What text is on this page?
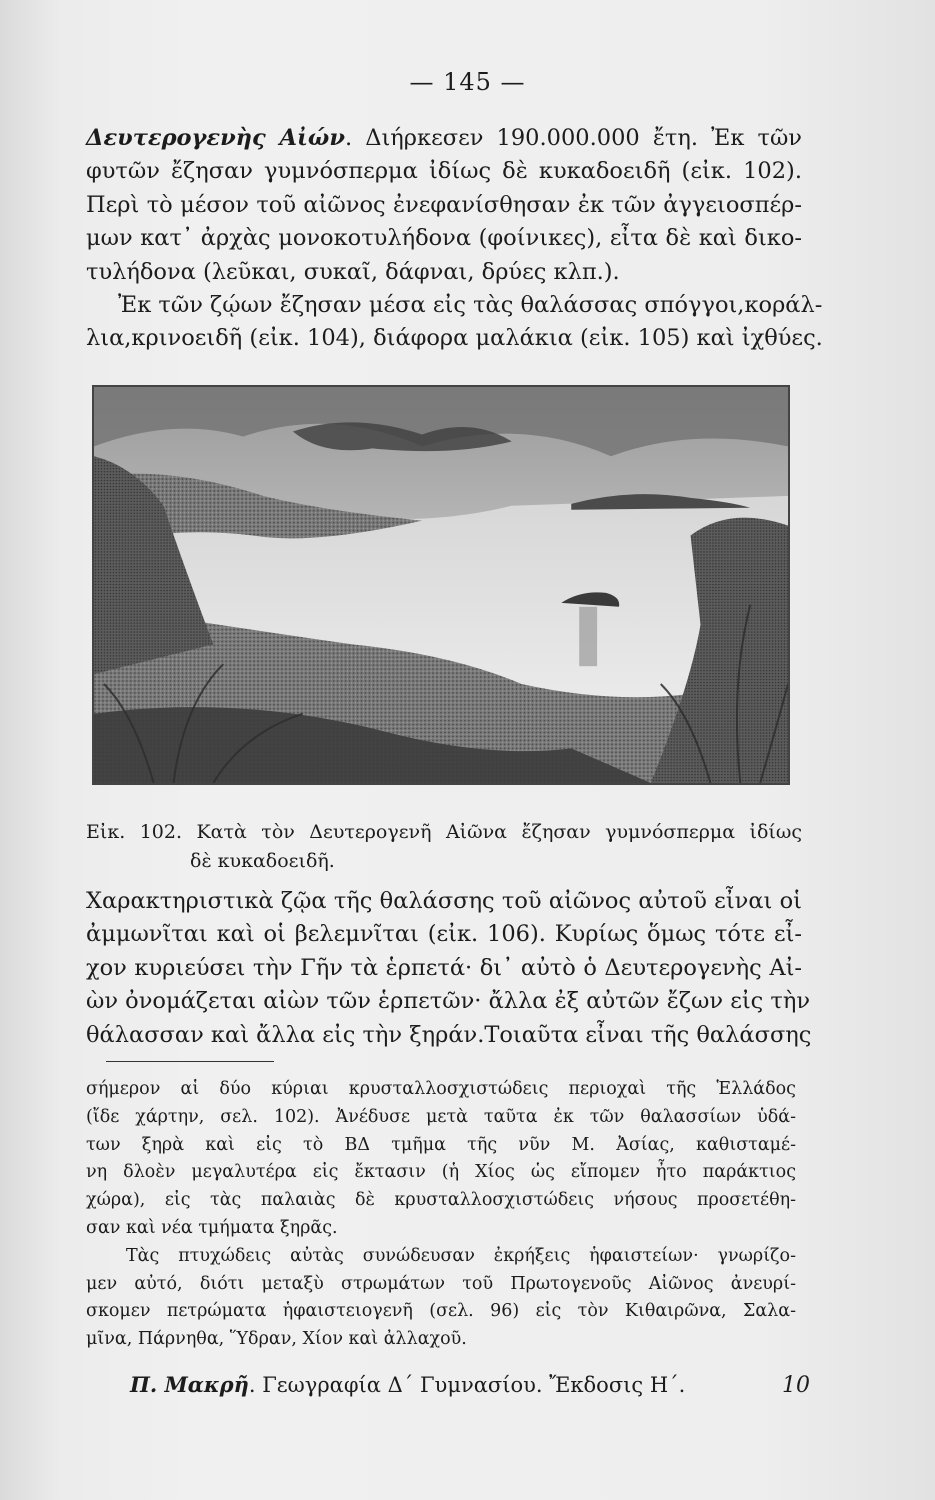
— 145 —
Δευτερογενὴς Αἰών. Διήρκεσεν 190.000.000 ἔτη. Ἐκ τῶν
φυτῶν ἔζησαν γυμνόσπερμα ἰδίως δὲ κυκαδοειδῆ (εἰκ. 102).
Περὶ τὸ μέσον τοῦ αἰῶνος ἐνεφανίσθησαν ἐκ τῶν ἀγγειοσπέρ-
μων κατ᾿ ἀρχὰς μονοκοτυλήδονα (φοίνικες), εἶτα δὲ καὶ δικο-
τυλήδονα (λεῦκαι, συκαῖ, δάφναι, δρύες κλπ.).
Ἐκ τῶν ζῴων ἔζησαν μέσα εἰς τὰς θαλάσσας σπόγγοι,κοράλ-
λια,κρινοειδῆ (εἰκ. 104), διάφορα μαλάκια (εἰκ. 105) καὶ ἰχθύες.
Εἰκ. 102. Κατὰ τὸν Δευτερογενῆ Αἰῶνα ἔζησαν γυμνόσπερμα ἰδίως
δὲ κυκαδοειδῆ.
Χαρακτηριστικὰ ζῷα τῆς θαλάσσης τοῦ αἰῶνος αὐτοῦ εἶναι οἱ
ἀμμωνῖται καὶ οἱ βελεμνῖται (εἰκ. 106). Κυρίως ὅμως τότε εἶ-
χον κυριεύσει τὴν Γῆν τὰ ἑρπετά· δι᾿ αὐτὸ ὁ Δευτερογενὴς Αἰ-
ὼν ὀνομάζεται αἰὼν τῶν ἑρπετῶν· ἄλλα ἐξ αὐτῶν ἔζων εἰς τὴν
θάλασσαν καὶ ἄλλα εἰς τὴν ξηράν.Τοιαῦτα εἶναι τῆς θαλάσσης
σήμερον αἱ δύο κύριαι κρυσταλλοσχιστώδεις περιοχαὶ τῆς Ἑλλάδος
(ἴδε χάρτην, σελ. 102). Ἀνέδυσε μετὰ ταῦτα ἐκ τῶν θαλασσίων ὑδά-
των ξηρὰ καὶ εἰς τὸ ΒΔ τμῆμα τῆς νῦν Μ. Ἀσίας, καθισταμέ-
νη δλοὲν μεγαλυτέρα εἰς ἔκτασιν (ἡ Χίος ὡς εἴπομεν ἦτο παράκτιος
χώρα), εἰς τὰς παλαιὰς δὲ κρυσταλλοσχιστώδεις νήσους προσετέθη-
σαν καὶ νέα τμήματα ξηρᾶς.
Τὰς πτυχώδεις αὐτὰς συνώδευσαν ἐκρήξεις ἡφαιστείων· γνωρίζο-
μεν αὐτό, διότι μεταξὺ στρωμάτων τοῦ Πρωτογενοῦς Αἰῶνος ἀνευρί-
σκομεν πετρώματα ἡφαιστειογενῆ (σελ. 96) εἰς τὸν Κιθαιρῶνα, Σαλα-
μῖνα, Πάρνηθα, Ὕδραν, Χίον καὶ ἀλλαχοῦ.
Π. Μακρῆ. Γεωγραφία Δ΄ Γυμνασίου. Ἔκδοσις Η΄.	10
